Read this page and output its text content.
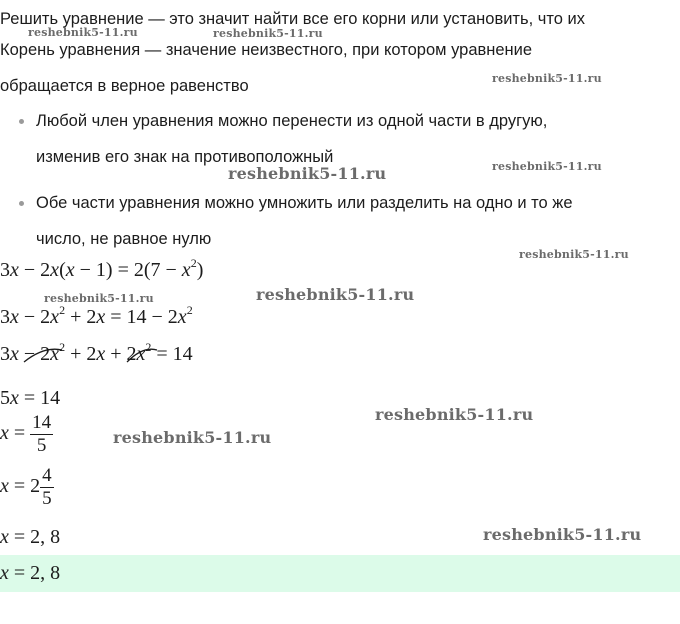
Решить уравнение — это значит найти все его корни или установить, что их
Корень уравнения — значение неизвестного, при котором уравнение
обращается в верное равенство
Любой член уравнения можно перенести из одной части в другую,
изменив его знак на противоположный
Обе части уравнения можно умножить или разделить на одно и то же
число, не равное нулю
$3x - 2x(x - 1) = 2(7 - x^2)$
$3x - 2x^2 + 2x = 14 - 2x^2$
$3x - 2x^2$
+ $2x + 2x^2$
= 14
5x = 14
$x = \frac{14}{5}$
$x = 2 \frac{4}{5}$
x = 2, 8
x = 2, 8
reshebnik5-11.ru	reshebnik5-11.ru
reshebnik5-11.ru
reshebnik5-11.ru
reshebnik5-11.ru
reshebnik5-11.ru
reshebnik5-11.ru	reshebnik5-11.ru
reshebnik5-11.ru
reshebnik5-11.ru
reshebnik5-11.ru
